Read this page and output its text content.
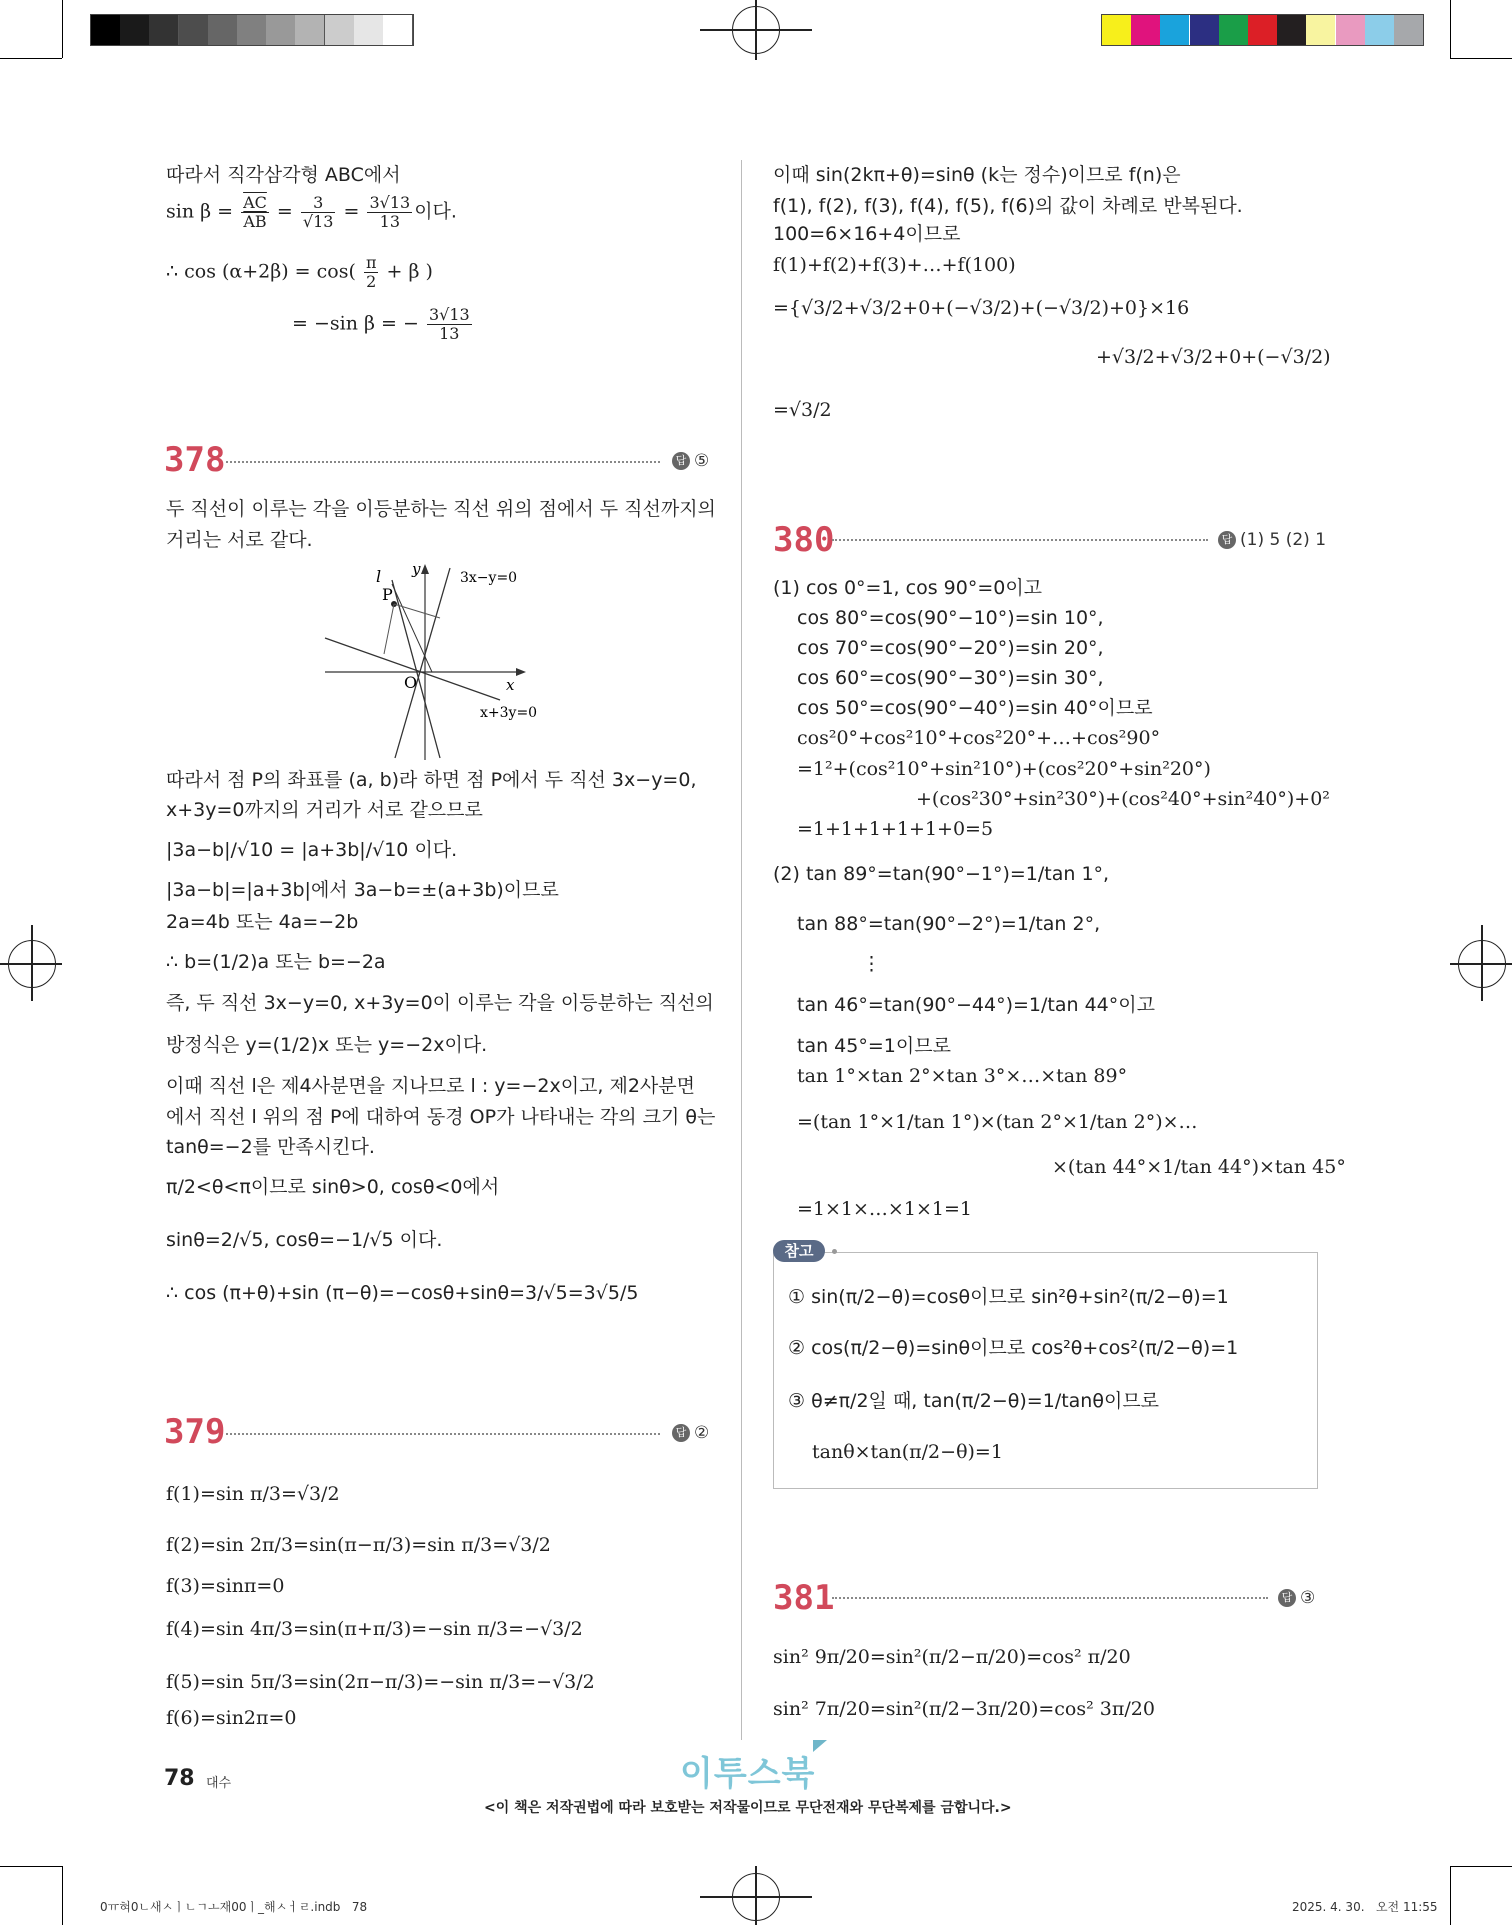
따라서 직각삼각형 ABC에서
$\sin \beta = \frac{\overline{AC}}{AB} = \frac{3}{√13} = \frac{3√13}{13}$ 이다.
∴ $\cos (\alpha+2\beta) = \cos( \frac{\pi}{2} + \beta$ )
= −sin β = − $\frac{3√13}{13}$
378	답 ⑤
두 직선이 이루는 각을 이등분하는 직선 위의 점에서 두 직선까지의
거리는 서로 같다.
l y
P
O	x
3x−y=0
x+3y=0
따라서 점 P의 좌표를 (a, b)라 하면 점 P에서 두 직선 3x−y=0,
x+3y=0까지의 거리가 서로 같으므로
|3a−b|/√10 = |a+3b|/√10 이다.
|3a−b|=|a+3b|에서 3a−b=±(a+3b)이므로
2a=4b 또는 4a=−2b
∴ b=(1/2)a 또는 b=−2a
즉, 두 직선 3x−y=0, x+3y=0이 이루는 각을 이등분하는 직선의
방정식은 y=(1/2)x 또는 y=−2x이다.
이때 직선 l은 제4사분면을 지나므로 l : y=−2x이고, 제2사분면
에서 직선 l 위의 점 P에 대하여 동경 OP가 나타내는 각의 크기 θ는
tanθ=−2를 만족시킨다.
π/2<θ<π이므로 sinθ>0, cosθ<0에서
sinθ=2/√5, cosθ=−1/√5 이다.
∴ cos (π+θ)+sin (π−θ)=−cosθ+sinθ=3/√5=3√5/5
379	답 ②
f(1)=sin π/3=√3/2
f(2)=sin 2π/3=sin(π−π/3)=sin π/3=√3/2
f(3)=sinπ=0
f(4)=sin 4π/3=sin(π+π/3)=−sin π/3=−√3/2
f(5)=sin 5π/3=sin(2π−π/3)=−sin π/3=−√3/2
f(6)=sin2π=0
이때 sin(2kπ+θ)=sinθ (k는 정수)이므로 f(n)은
f(1), f(2), f(3), f(4), f(5), f(6)의 값이 차례로 반복된다.
100=6×16+4이므로
f(1)+f(2)+f(3)+…+f(100)
={√3/2+√3/2+0+(−√3/2)+(−√3/2)+0}×16
+√3/2+√3/2+0+(−√3/2)
=√3/2
380	답 (1) 5 (2) 1
(1) cos 0°=1, cos 90°=0이고
cos 80°=cos(90°−10°)=sin 10°,
cos 70°=cos(90°−20°)=sin 20°,
cos 60°=cos(90°−30°)=sin 30°,
cos 50°=cos(90°−40°)=sin 40°이므로
cos²0°+cos²10°+cos²20°+…+cos²90°
=1²+(cos²10°+sin²10°)+(cos²20°+sin²20°)
+(cos²30°+sin²30°)+(cos²40°+sin²40°)+0²
=1+1+1+1+1+0=5
(2) tan 89°=tan(90°−1°)=1/tan 1°,
tan 88°=tan(90°−2°)=1/tan 2°,
⋮
tan 46°=tan(90°−44°)=1/tan 44°이고
tan 45°=1이므로
tan 1°×tan 2°×tan 3°×…×tan 89°
=(tan 1°×1/tan 1°)×(tan 2°×1/tan 2°)×…
×(tan 44°×1/tan 44°)×tan 45°
=1×1×…×1×1=1
참고
① sin(π/2−θ)=cosθ이므로 sin²θ+sin²(π/2−θ)=1
② cos(π/2−θ)=sinθ이므로 cos²θ+cos²(π/2−θ)=1
③ θ≠π/2일 때, tan(π/2−θ)=1/tanθ이므로
tanθ×tan(π/2−θ)=1
381	답 ③
sin² 9π/20=sin²(π/2−π/20)=cos² π/20
sin² 7π/20=sin²(π/2−3π/20)=cos² 3π/20
78 대수	이투스북
<이 책은 저작권법에 따라 보호받는 저작물이므로 무단전재와 무단복제를 금합니다.>
0ㅠ혀0ㄴ새ㅅㅣㄴㄱㅗ재00ㅣ_해ㅅㅓㄹ.indb   78	2025. 4. 30.   오전 11:55
